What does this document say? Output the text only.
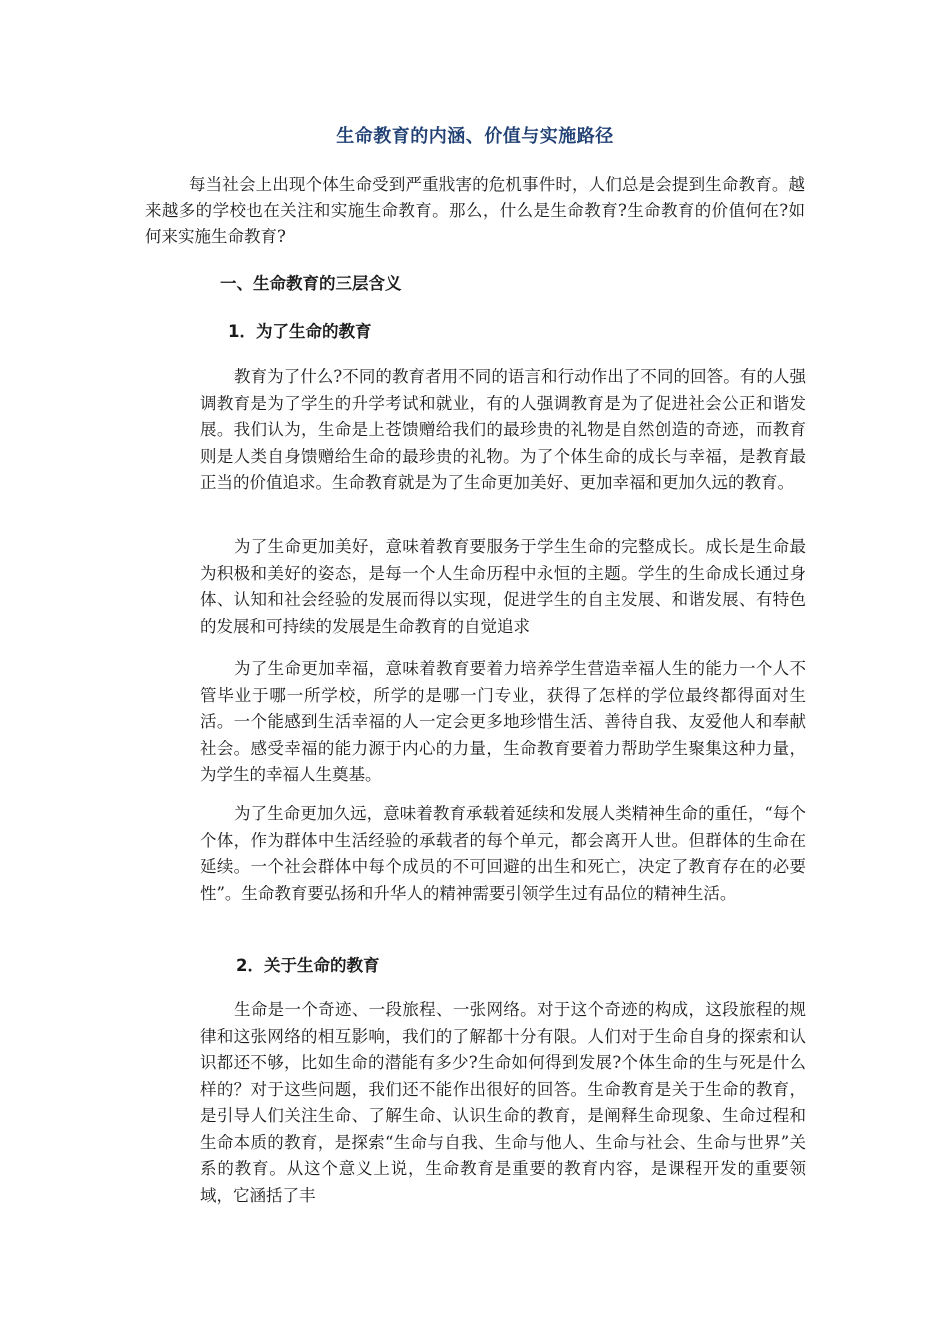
生命教育的内涵、价值与实施路径

每当社会上出现个体生命受到严重戕害的危机事件时，人们总是会提到生命教育。越来越多的学校也在关注和实施生命教育。那么，什么是生命教育?生命教育的价值何在?如何来实施生命教育?

一、生命教育的三层含义
1．为了生命的教育

教育为了什么?不同的教育者用不同的语言和行动作出了不同的回答。有的人强调教育是为了学生的升学考试和就业，有的人强调教育是为了促进社会公正和谐发展。我们认为，生命是上苍馈赠给我们的最珍贵的礼物是自然创造的奇迹，而教育则是人类自身馈赠给生命的最珍贵的礼物。为了个体生命的成长与幸福，是教育最正当的价值追求。生命教育就是为了生命更加美好、更加幸福和更加久远的教育。

为了生命更加美好，意味着教育要服务于学生生命的完整成长。成长是生命最为积极和美好的姿态，是每一个人生命历程中永恒的主题。学生的生命成长通过身体、认知和社会经验的发展而得以实现，促进学生的自主发展、和谐发展、有特色的发展和可持续的发展是生命教育的自觉追求

为了生命更加幸福，意味着教育要着力培养学生营造幸福人生的能力一个人不管毕业于哪一所学校，所学的是哪一门专业，获得了怎样的学位最终都得面对生活。一个能感到生活幸福的人一定会更多地珍惜生活、善待自我、友爱他人和奉献社会。感受幸福的能力源于内心的力量，生命教育要着力帮助学生聚集这种力量，为学生的幸福人生奠基。

为了生命更加久远，意味着教育承载着延续和发展人类精神生命的重任，“每个个体，作为群体中生活经验的承载者的每个单元，都会离开人世。但群体的生命在延续。一个社会群体中每个成员的不可回避的出生和死亡，决定了教育存在的必要性”。生命教育要弘扬和升华人的精神需要引领学生过有品位的精神生活。

2．关于生命的教育

生命是一个奇迹、一段旅程、一张网络。对于这个奇迹的构成，这段旅程的规律和这张网络的相互影响，我们的了解都十分有限。人们对于生命自身的探索和认识都还不够，比如生命的潜能有多少?生命如何得到发展?个体生命的生与死是什么样的？对于这些问题，我们还不能作出很好的回答。生命教育是关于生命的教育，是引导人们关注生命、了解生命、认识生命的教育，是阐释生命现象、生命过程和生命本质的教育，是探索“生命与自我、生命与他人、生命与社会、生命与世界”关系的教育。从这个意义上说，生命教育是重要的教育内容，是课程开发的重要领域，它涵括了丰
